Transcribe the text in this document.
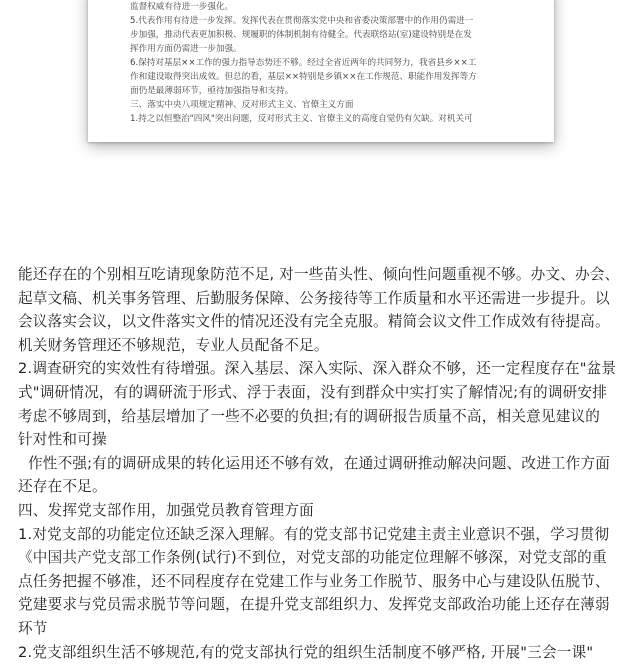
监督权威有待进一步强化。
5.代表作用有待进一步发挥。发挥代表在贯彻落实党中央和省委决策部署中的作用仍需进一
步加强，推动代表更加积极、规履职的体制机制有待健全。代表联络站(室)建设特别是在发
挥作用方面仍需进一步加强。
6.保持对基层××工作的强力指导态势还不够。经过全省近两年的共同努力，我省县乡××工
作和建设取得突出成效。但总的看，基层××特别是乡镇××在工作规范、职能作用发挥等方
面仍是最薄弱环节，亟待加强指导和支持。
三、落实中央八项规定精神、反对形式主义、官僚主义方面
1.持之以恒整治"四风"突出问题，反对形式主义、官僚主义的高度自觉仍有欠缺。对机关可
能还存在的个别相互吃请现象防范不足, 对一些苗头性、倾向性问题重视不够。办文、办会、
起草文稿、机关事务管理、后勤服务保障、公务接待等工作质量和水平还需进一步提升。以
会议落实会议，以文件落实文件的情况还没有完全克服。精简会议文件工作成效有待提高。
机关财务管理还不够规范，专业人员配备不足。
2.调查研究的实效性有待增强。深入基层、深入实际、深入群众不够，还一定程度存在"盆景
式"调研情况，有的调研流于形式、浮于表面，没有到群众中实打实了解情况;有的调研安排
考虑不够周到，给基层增加了一些不必要的负担;有的调研报告质量不高，相关意见建议的
针对性和可操
作性不强;有的调研成果的转化运用还不够有效，在通过调研推动解决问题、改进工作方面
还存在不足。
四、发挥党支部作用，加强党员教育管理方面
1.对党支部的功能定位还缺乏深入理解。有的党支部书记党建主责主业意识不强，学习贯彻
《中国共产党支部工作条例(试行)不到位，对党支部的功能定位理解不够深，对党支部的重
点任务把握不够准，还不同程度存在党建工作与业务工作脱节、服务中心与建设队伍脱节、
党建要求与党员需求脱节等问题，在提升党支部组织力、发挥党支部政治功能上还存在薄弱
环节
2.党支部组织生活不够规范,有的党支部执行党的组织生活制度不够严格, 开展"三会一课"
